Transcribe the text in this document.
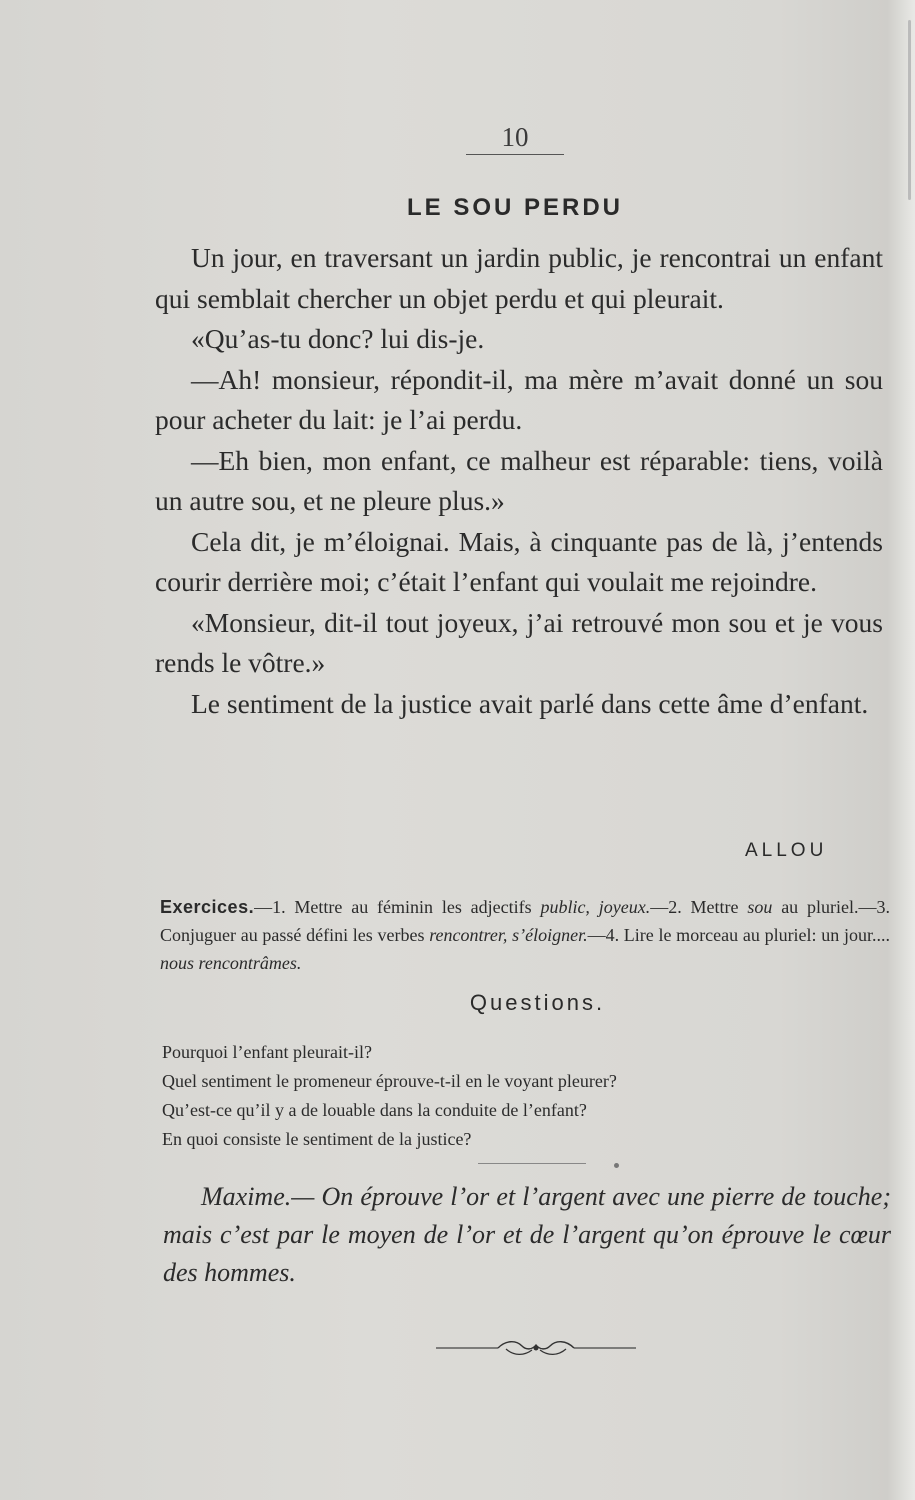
10
LE SOU PERDU

Un jour, en traversant un jardin public, je rencontrai un enfant qui semblait chercher un objet perdu et qui pleurait.

«Qu’as-tu donc? lui dis-je.

—Ah! monsieur, répondit-il, ma mère m’avait donné un sou pour acheter du lait: je l’ai perdu.

—Eh bien, mon enfant, ce malheur est réparable: tiens, voilà un autre sou, et ne pleure plus.»

Cela dit, je m’éloignai. Mais, à cinquante pas de là, j’entends courir derrière moi; c’était l’enfant qui voulait me rejoindre.

«Monsieur, dit-il tout joyeux, j’ai retrouvé mon sou et je vous rends le vôtre.»

Le sentiment de la justice avait parlé dans cette âme d’enfant.

ALLOU
Exercices.—1. Mettre au féminin les adjectifs public, joyeux.—2. Mettre sou au pluriel.—3. Conjuguer au passé défini les verbes rencontrer, s’éloigner.—4. Lire le morceau au pluriel: un jour.... nous rencontrâmes.
Questions.
Pourquoi l’enfant pleurait-il?
Quel sentiment le promeneur éprouve-t-il en le voyant pleurer?
Qu’est-ce qu’il y a de louable dans la conduite de l’enfant?
En quoi consiste le sentiment de la justice?
Maxime.— On éprouve l’or et l’argent avec une pierre de touche; mais c’est par le moyen de l’or et de l’argent qu’on éprouve le cœur des hommes.
